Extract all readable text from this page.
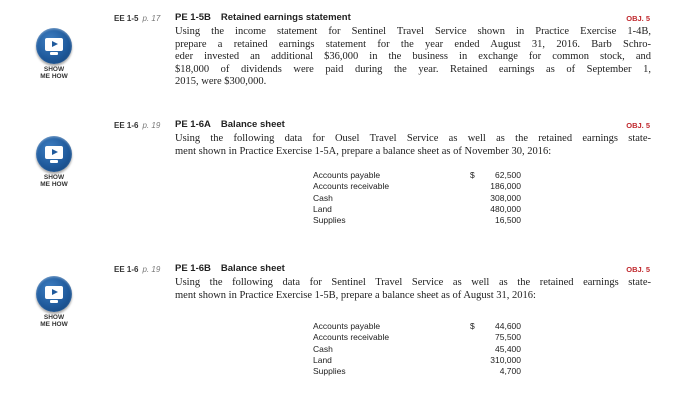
SHOW
ME HOW
EE 1-5 p. 17 PE 1-5B Retained earnings statement	OBJ. 5
Using the income statement for Sentinel Travel Service shown in Practice Exercise 1-4B,
prepare a retained earnings statement for the year ended August 31, 2016. Barb Schro-
eder invested an additional $36,000 in the business in exchange for common stock, and
$18,000 of dividends were paid during the year. Retained earnings as of September 1,
2015, were $300,000.
SHOW
ME HOW
EE 1-6 p. 19 PE 1-6A Balance sheet	OBJ. 5
Using the following data for Ousel Travel Service as well as the retained earnings state-
ment shown in Practice Exercise 1-5A, prepare a balance sheet as of November 30, 2016:
Accounts payable	$ 62,500
Accounts receivable	186,000
Cash	308,000
Land	480,000
Supplies	16,500
SHOW
ME HOW
EE 1-6 p. 19 PE 1-6B Balance sheet	OBJ. 5
Using the following data for Sentinel Travel Service as well as the retained earnings state-
ment shown in Practice Exercise 1-5B, prepare a balance sheet as of August 31, 2016:
Accounts payable	$ 44,600
Accounts receivable	75,500
Cash	45,400
Land	310,000
Supplies	4,700
